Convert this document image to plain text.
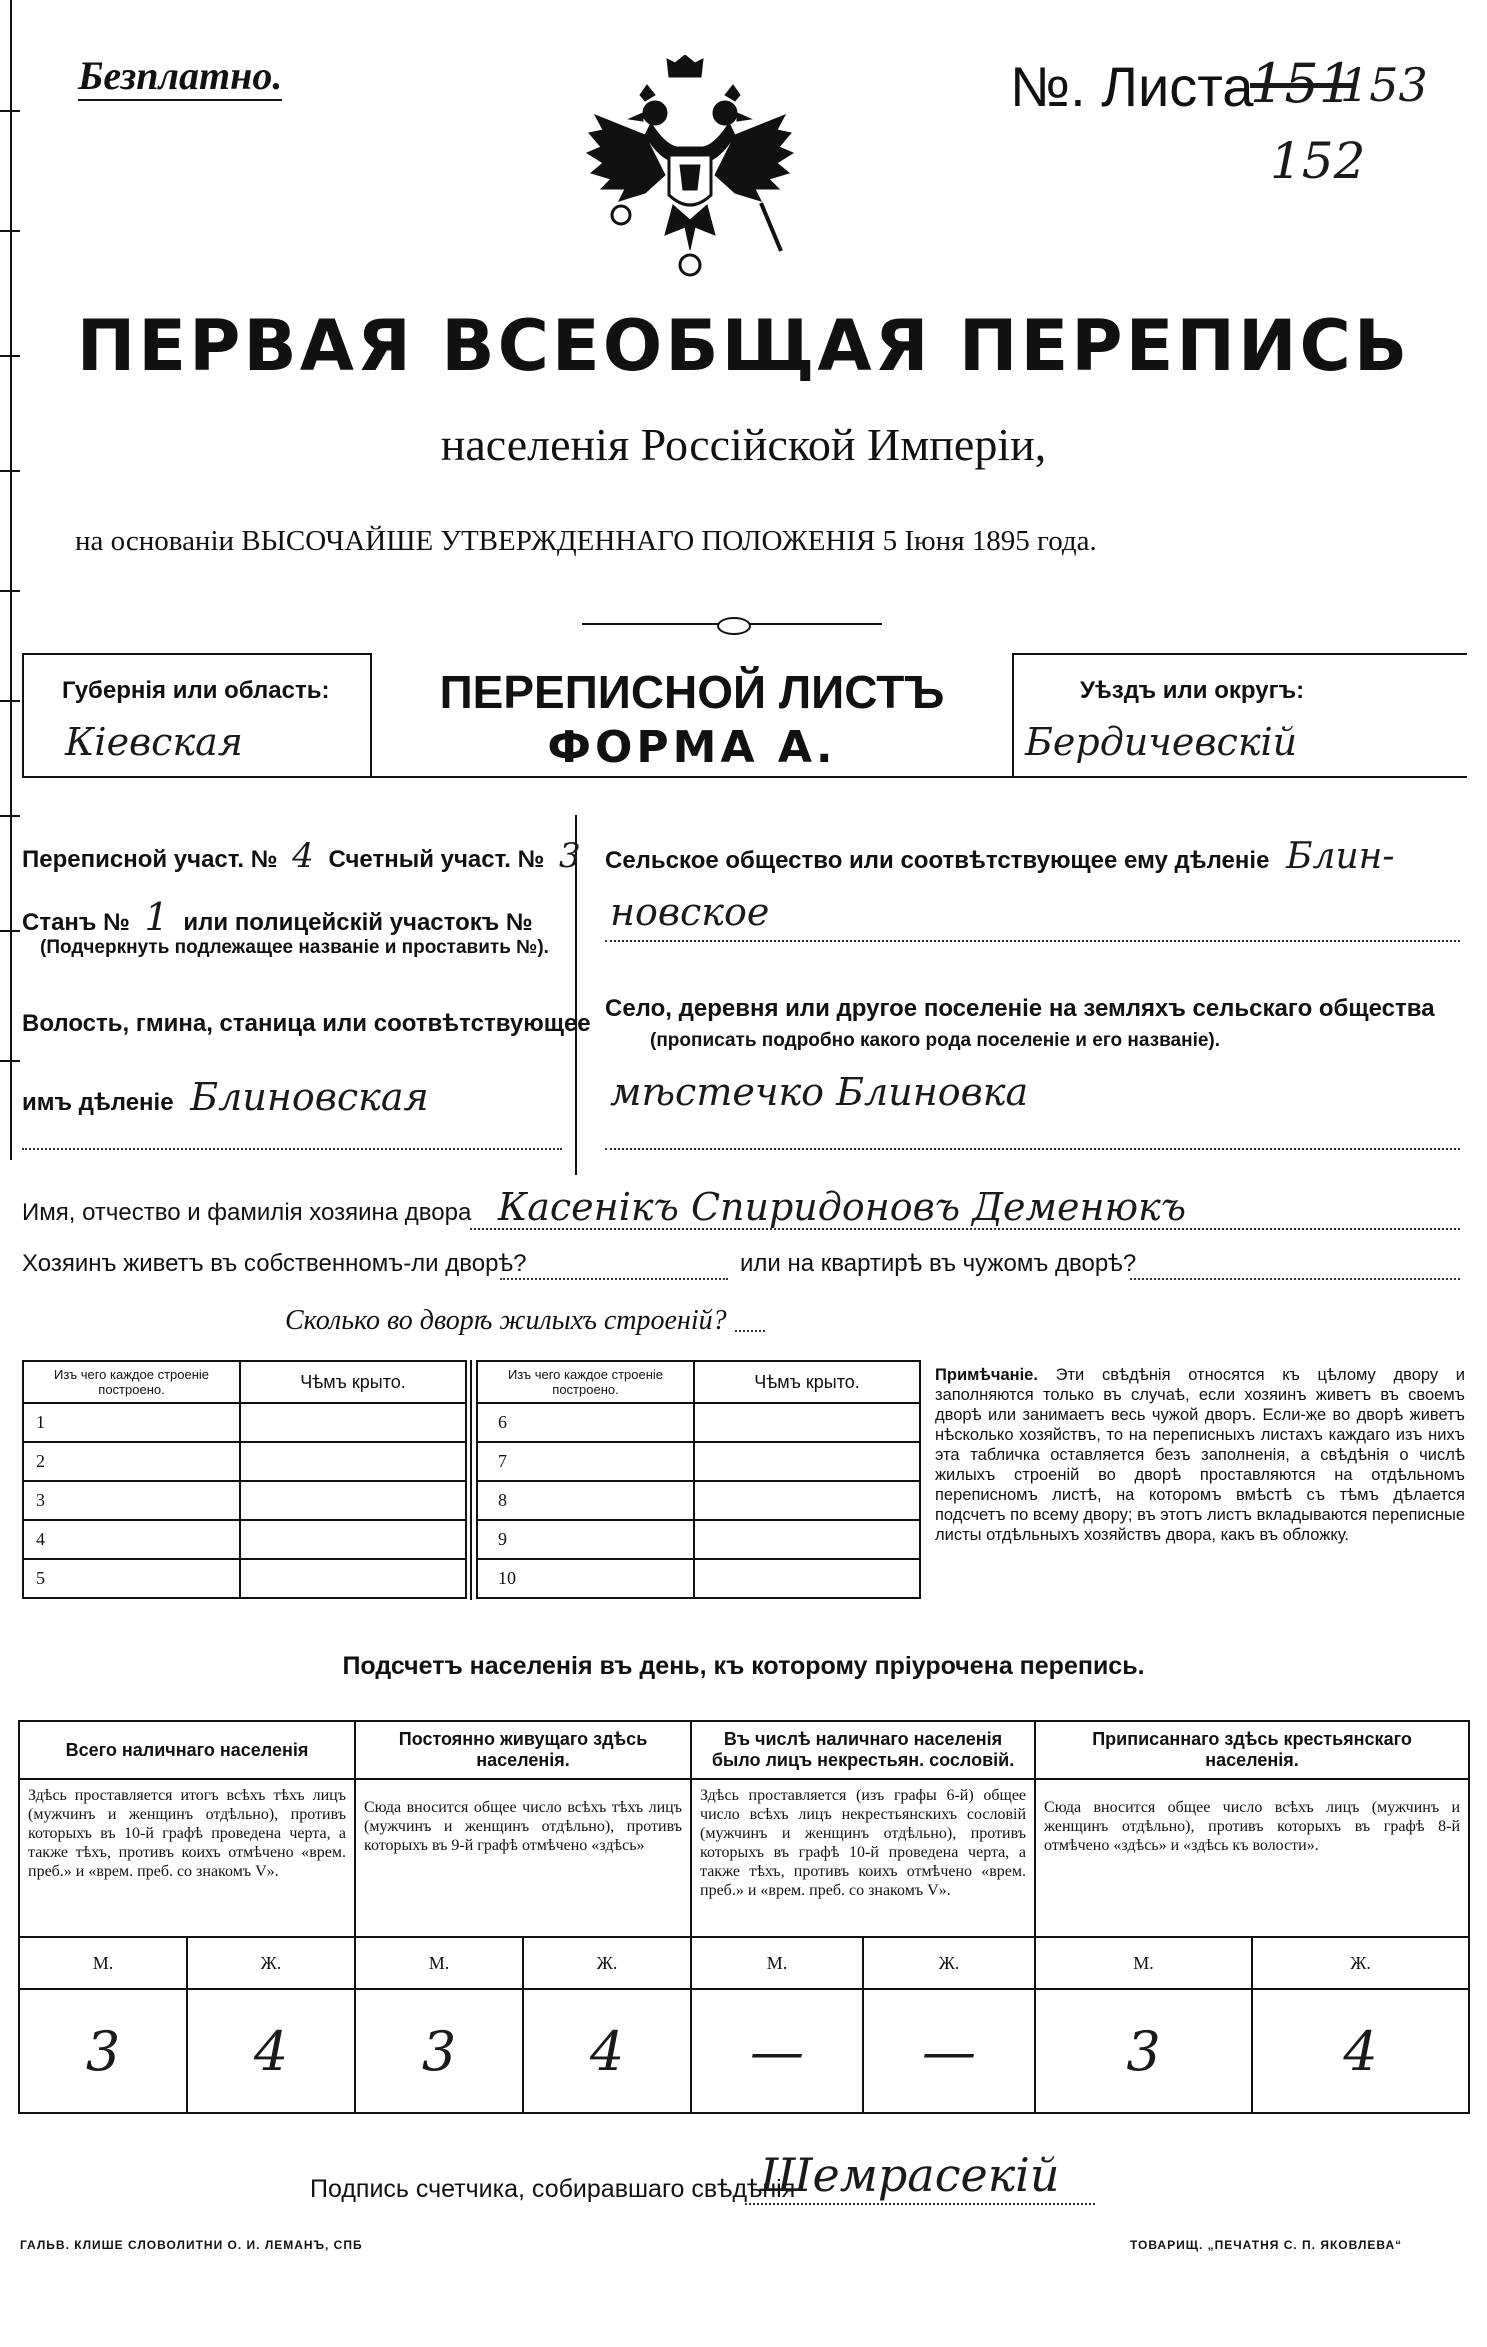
Безплатно.	№. Листа
151
153
152
ПЕРВАЯ ВСЕОБЩАЯ ПЕРЕПИСЬ
населенія Россійской Имперіи,
на основаніи ВЫСОЧАЙШЕ УТВЕРЖДЕННАГО ПОЛОЖЕНІЯ 5 Іюня 1895 года.
Губернія или область:
Кіевская
ПЕРЕПИСНОЙ ЛИСТЪ
ФОРМА А.
Уѣздъ или округъ:
Бердичевскій
Переписной участ. № 4 Счетный участ. № 3
Станъ № 1 или полицейскій участокъ №
(Подчеркнуть подлежащее названіе и проставить №).
Волость, гмина, станица или соотвѣтствующее
имъ дѣленіе Блиновская
Сельское общество или соотвѣтствующее ему дѣленіе Блин-
новское
Село, деревня или другое поселеніе на земляхъ сельскаго общества
(прописать подробно какого рода поселеніе и его названіе).
мѣстечко Блиновка
Имя, отчество и фамилія хозяина двора Касенікъ Спиридоновъ Деменюкъ
Хозяинъ живетъ въ собственномъ-ли дворѣ?	или на квартирѣ въ чужомъ дворѣ?
Сколько во дворѣ жилыхъ строеній?
Изъ чего каждое строеніе построено.	Чѣмъ крыто.
1	
2	
3	
4	
5	
Изъ чего каждое строеніе построено.	Чѣмъ крыто.
6	
7	
8	
9	
10	
Примѣчаніе. Эти свѣдѣнія относятся къ цѣлому двору и заполняются только въ случаѣ, если хозяинъ живетъ въ своемъ дворѣ или занимаетъ весь чужой дворъ. Если-же во дворѣ живетъ нѣсколько хозяйствъ, то на переписныхъ листахъ каждаго изъ нихъ эта табличка оставляется безъ заполненія, а свѣдѣнія о числѣ жилыхъ строеній во дворѣ проставляются на отдѣльномъ переписномъ листѣ, на которомъ вмѣстѣ съ тѣмъ дѣлается подсчетъ по всему двору; въ этотъ листъ вкладываются переписные листы отдѣльныхъ хозяйствъ двора, какъ въ обложку.
Подсчетъ населенія въ день, къ которому пріурочена перепись.
Всего наличнаго населенія		Постоянно живущаго здѣсь населенія.		Въ числѣ наличнаго населенія было лицъ некрестьян. сословій.		Приписаннаго здѣсь крестьянскаго населенія.	
Здѣсь проставляется итогъ всѣхъ тѣхъ лицъ (мужчинъ и женщинъ отдѣльно), противъ которыхъ въ 10-й графѣ проведена черта, а также тѣхъ, противъ коихъ отмѣчено «врем. преб.» и «врем. преб. со знакомъ V».		Сюда вносится общее число всѣхъ тѣхъ лицъ (мужчинъ и женщинъ отдѣльно), противъ которыхъ въ 9-й графѣ отмѣчено «здѣсь»		Здѣсь проставляется (изъ графы 6-й) общее число всѣхъ лицъ некрестьянскихъ сословій (мужчинъ и женщинъ отдѣльно), противъ которыхъ въ графѣ 10-й проведена черта, а также тѣхъ, противъ коихъ отмѣчено «врем. преб.» и «врем. преб. со знакомъ V».		Сюда вносится общее число всѣхъ лицъ (мужчинъ и женщинъ отдѣльно), противъ которыхъ въ графѣ 8-й отмѣчено «здѣсь» и «здѣсь къ волости».	
М.	Ж.	М.	Ж.	М.	Ж.	М.	Ж.
3	4	3	4	—	—	3	4
Подпись счетчика, собиравшаго свѣдѣнія
Шемрасекій
ГАЛЬВ. КЛИШЕ СЛОВОЛИТНИ О. И. ЛЕМАНЪ, СПБ	ТОВАРИЩ. „ПЕЧАТНЯ С. П. ЯКОВЛЕВА“
